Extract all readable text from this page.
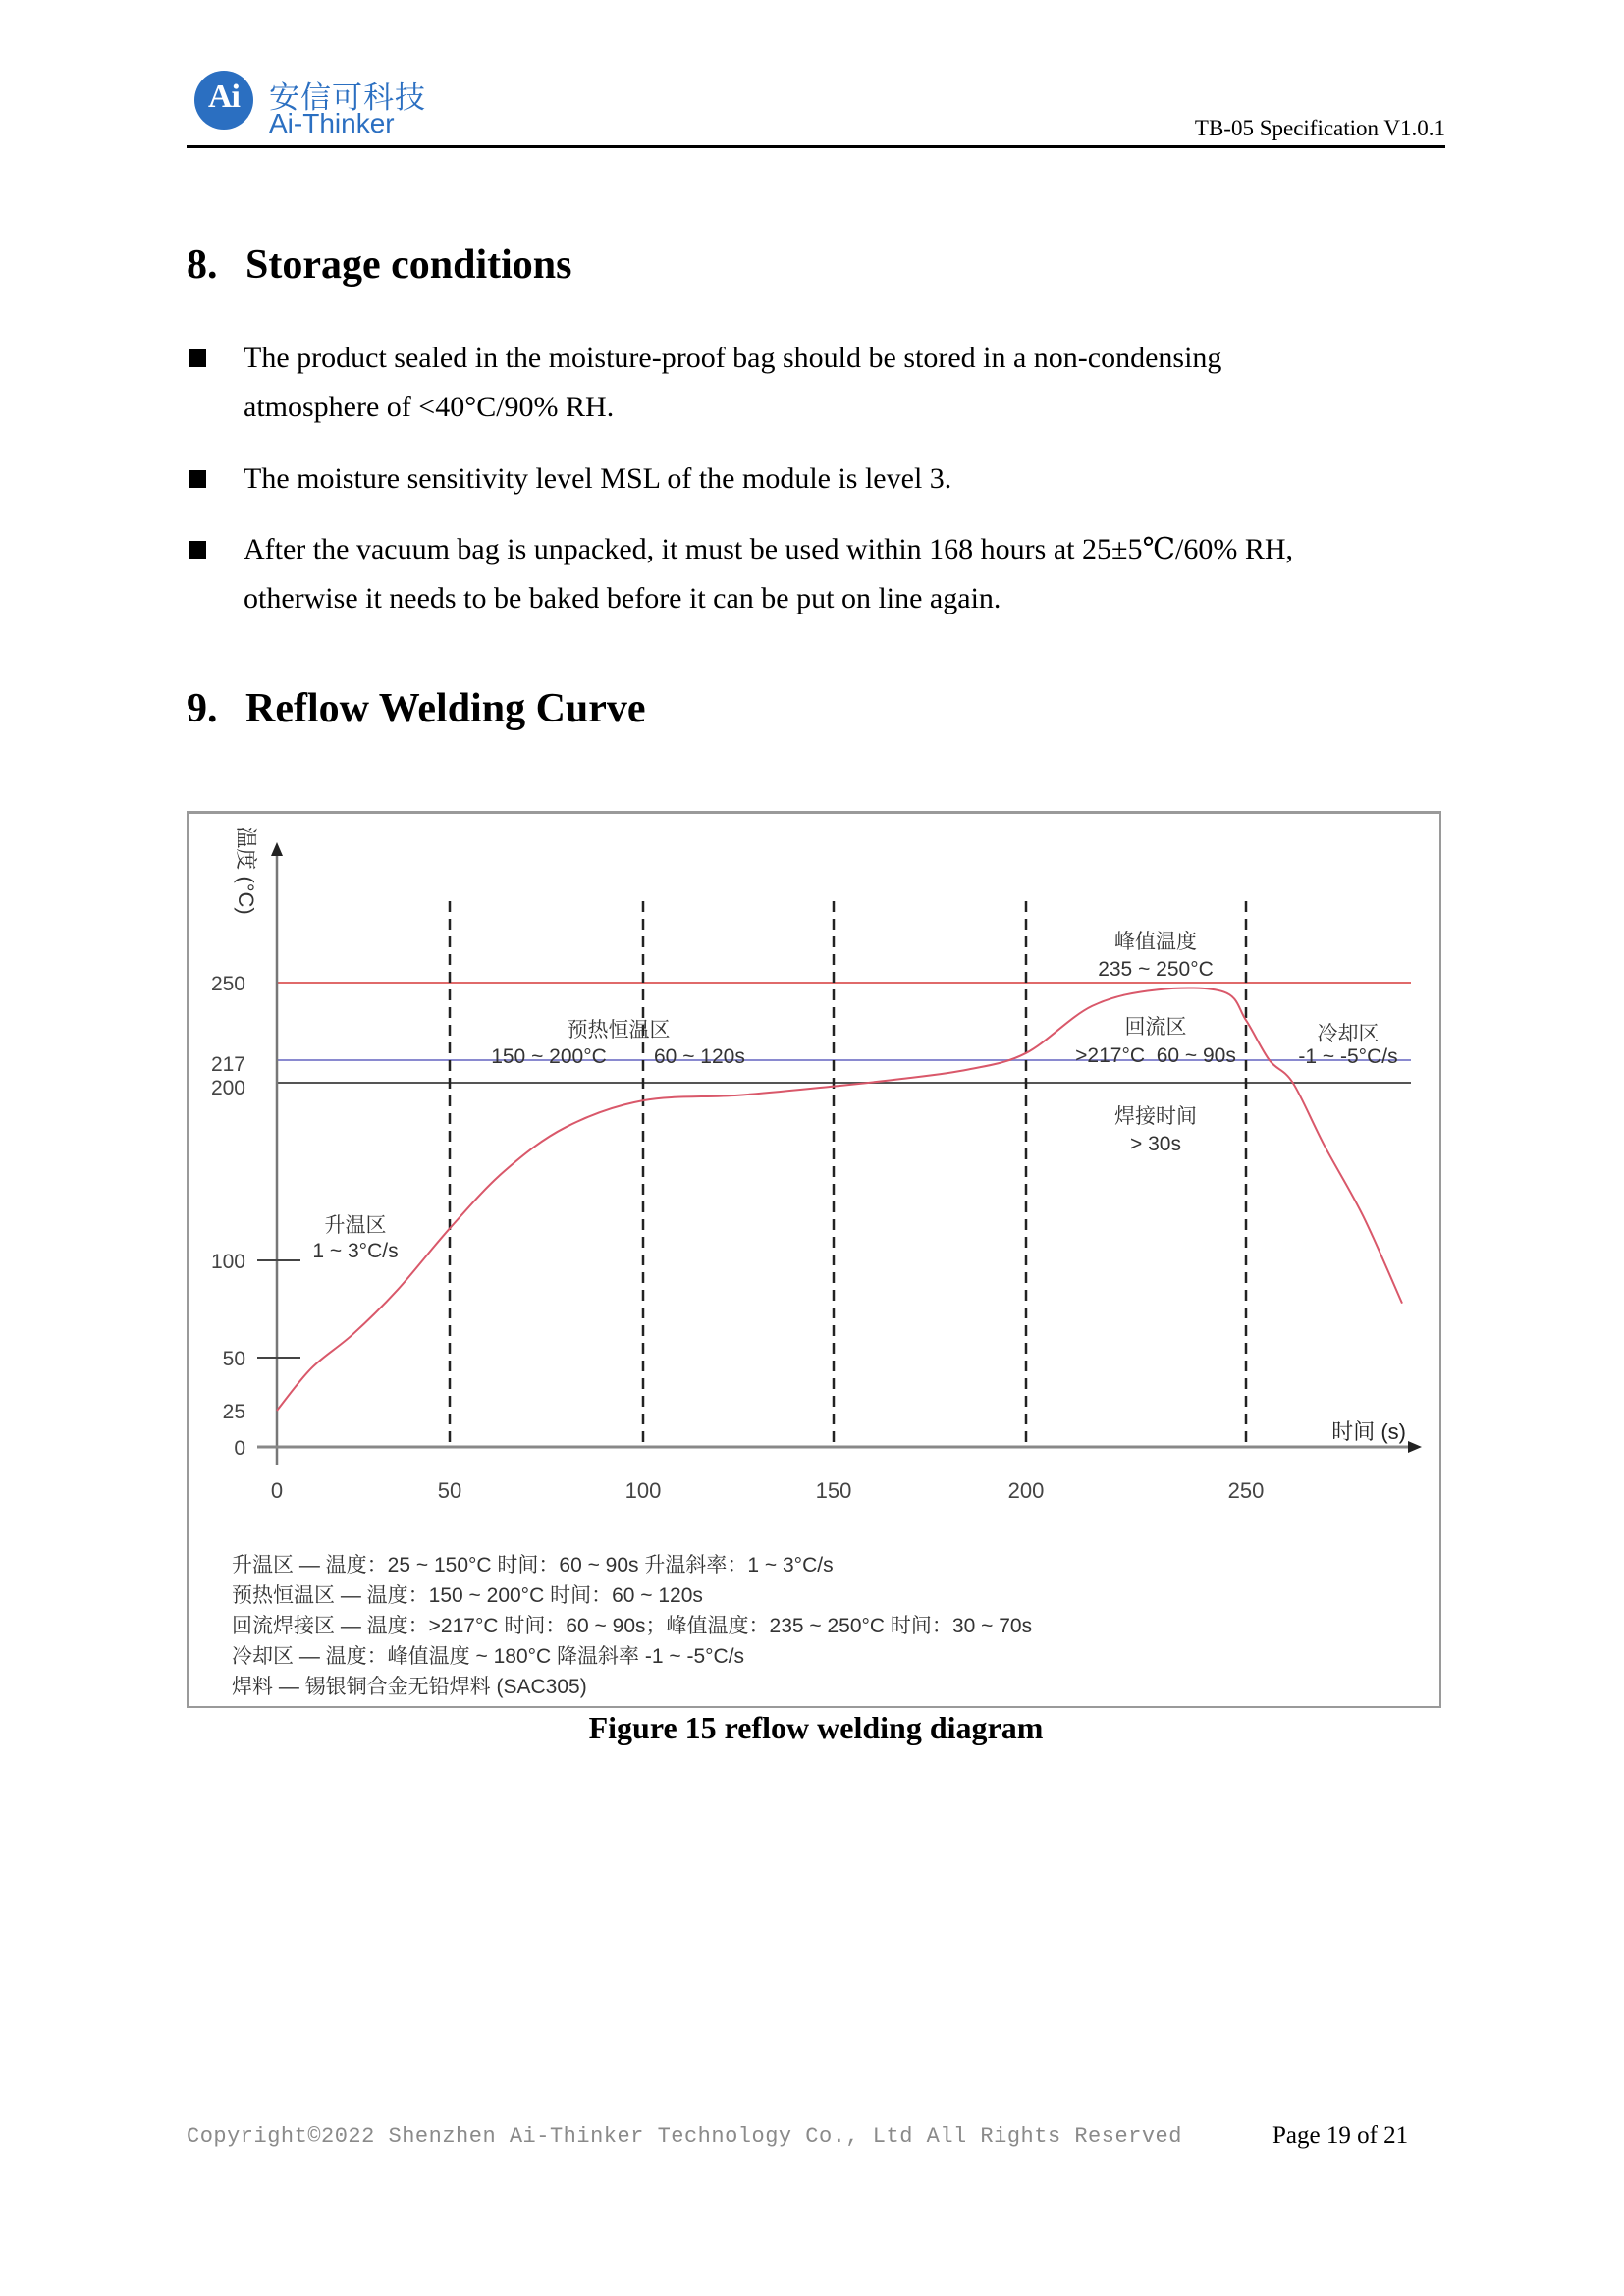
Ai 安信可科技
Ai-Thinker	TB-05 Specification V1.0.1
8. Storage conditions
The product sealed in the moisture-proof bag should be stored in a non-condensing
atmosphere of <40°C/90% RH.
The moisture sensitivity level MSL of the module is level 3.
After the vacuum bag is unpacked, it must be used within 168 hours at 25±5℃/60% RH,
otherwise it needs to be baked before it can be put on line again.
9. Reflow Welding Curve
0
25
50
100
200
217
250
0	50	100	150	200	250
温度 (°C)
时间 (s)
升温区
1 ~ 3°C/s
预热恒温区
150 ~ 200°C 60 ~ 120s
峰值温度
235 ~ 250°C
回流区
>217°C  60 ~ 90s
焊接时间
> 30s
冷却区
-1 ~ -5°C/s
升温区 — 温度：25 ~ 150°C 时间：60 ~ 90s 升温斜率：1 ~ 3°C/s
预热恒温区 — 温度：150 ~ 200°C 时间：60 ~ 120s
回流焊接区 — 温度：>217°C 时间：60 ~ 90s；峰值温度：235 ~ 250°C 时间：30 ~ 70s
冷却区 — 温度：峰值温度 ~ 180°C 降温斜率 -1 ~ -5°C/s
焊料 — 锡银铜合金无铅焊料 (SAC305)
Figure 15 reflow welding diagram
Copyright©2022 Shenzhen Ai-Thinker Technology Co., Ltd All Rights Reserved	Page 19 of 21
